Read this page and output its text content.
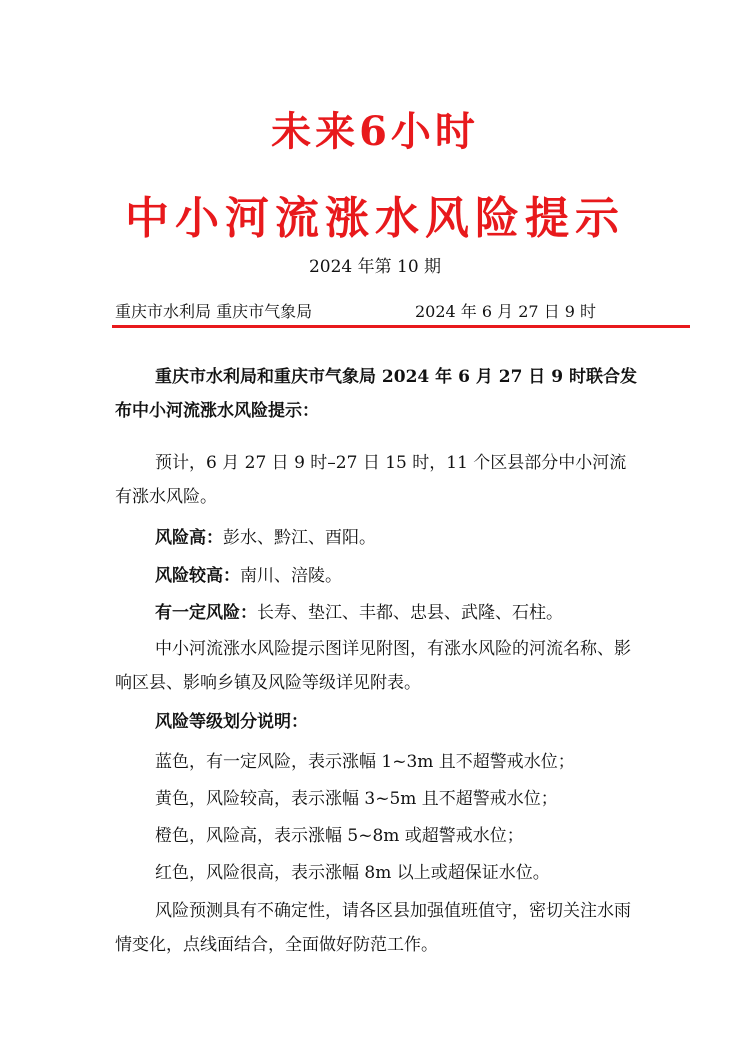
未来6小时
中小河流涨水风险提示
2024 年第 10 期
重庆市水利局 重庆市气象局	2024 年 6 月 27 日 9 时
重庆市水利局和重庆市气象局 2024 年 6 月 27 日 9 时联合发布中小河流涨水风险提示：
预计，6 月 27 日 9 时–27 日 15 时，11 个区县部分中小河流有涨水风险。
风险高：彭水、黔江、酉阳。
风险较高：南川、涪陵。
有一定风险：长寿、垫江、丰都、忠县、武隆、石柱。
中小河流涨水风险提示图详见附图，有涨水风险的河流名称、影响区县、影响乡镇及风险等级详见附表。
风险等级划分说明：
蓝色，有一定风险，表示涨幅 1~3m 且不超警戒水位；
黄色，风险较高，表示涨幅 3~5m 且不超警戒水位；
橙色，风险高，表示涨幅 5~8m 或超警戒水位；
红色，风险很高，表示涨幅 8m 以上或超保证水位。
风险预测具有不确定性，请各区县加强值班值守，密切关注水雨情变化，点线面结合，全面做好防范工作。
